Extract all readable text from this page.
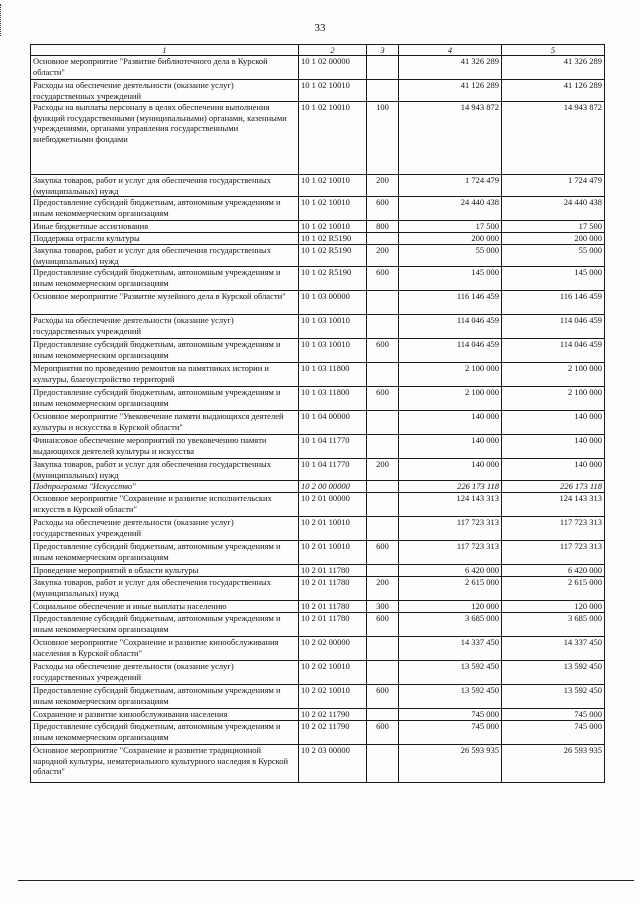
33
1	2	3	4	5
Основное мероприятие "Развитие библиотечного дела в Курской области"	10 1 02 00000		41 326 289	41 326 289
Расходы на обеспечение деятельности (оказание услуг) государственных учреждений	10 1 02 10010		41 126 289	41 126 289
Расходы на выплаты персоналу в целях обеспечения выполнения функций государственными (муниципальными) органами, казенными учреждениями, органами управления государственными внебюджетными фондами	10 1 02 10010	100	14 943 872	14 943 872
Закупка товаров, работ и услуг для обеспечения государственных (муниципальных) нужд	10 1 02 10010	200	1 724 479	1 724 479
Предоставление субсидий бюджетным, автономным учреждениям и иным некоммерческим организациям	10 1 02 10010	600	24 440 438	24 440 438
Иные бюджетные ассигнования	10 1 02 10010	800	17 500	17 500
Поддержка отрасли культуры	10 1 02 R5190		200 000	200 000
Закупка товаров, работ и услуг для обеспечения государственных (муниципальных) нужд	10 1 02 R5190	200	55 000	55 000
Предоставление субсидий бюджетным, автономным учреждениям и иным некоммерческим организациям	10 1 02 R5190	600	145 000	145 000
Основное мероприятие "Развитие музейного дела в Курской области"	10 1 03 00000		116 146 459	116 146 459
Расходы на обеспечение деятельности (оказание услуг) государственных учреждений	10 1 03 10010		114 046 459	114 046 459
Предоставление субсидий бюджетным, автономным учреждениям и иным некоммерческим организациям	10 1 03 10010	600	114 046 459	114 046 459
Мероприятия по проведению ремонтов на памятниках истории и культуры, благоустройство территорий	10 1 03 11800		2 100 000	2 100 000
Предоставление субсидий бюджетным, автономным учреждениям и иным некоммерческим организациям	10 1 03 11800	600	2 100 000	2 100 000
Основное мероприятие "Увековечение памяти выдающихся деятелей культуры и искусства в Курской области"	10 1 04 00000		140 000	140 000
Финансовое обеспечение мероприятий по увековечению памяти выдающихся деятелей культуры и искусства	10 1 04 11770		140 000	140 000
Закупка товаров, работ и услуг для обеспечения государственных (муниципальных) нужд	10 1 04 11770	200	140 000	140 000
Подпрограмма "Искусство"	10 2 00 00000		226 173 118	226 173 118
Основное мероприятие "Сохранение и развитие исполнительских искусств в Курской области"	10 2 01 00000		124 143 313	124 143 313
Расходы на обеспечение деятельности (оказание услуг) государственных учреждений	10 2 01 10010		117 723 313	117 723 313
Предоставление субсидий бюджетным, автономным учреждениям и иным некоммерческим организациям	10 2 01 10010	600	117 723 313	117 723 313
Проведение мероприятий в области культуры	10 2 01 11780		6 420 000	6 420 000
Закупка товаров, работ и услуг для обеспечения государственных (муниципальных) нужд	10 2 01 11780	200	2 615 000	2 615 000
Социальное обеспечение и иные выплаты населению	10 2 01 11780	300	120 000	120 000
Предоставление субсидий бюджетным, автономным учреждениям и иным некоммерческим организациям	10 2 01 11780	600	3 685 000	3 685 000
Основное мероприятие "Сохранение и развитие кинообслуживания населения в Курской области"	10 2 02 00000		14 337 450	14 337 450
Расходы на обеспечение деятельности (оказание услуг) государственных учреждений	10 2 02 10010		13 592 450	13 592 450
Предоставление субсидий бюджетным, автономным учреждениям и иным некоммерческим организациям	10 2 02 10010	600	13 592 450	13 592 450
Сохранение и развитие кинообслуживания населения	10 2 02 11790		745 000	745 000
Предоставление субсидий бюджетным, автономным учреждениям и иным некоммерческим организациям	10 2 02 11790	600	745 000	745 000
Основное мероприятие "Сохранение и развитие традиционной народной культуры, нематериального культурного наследия в Курской области"	10 2 03 00000		26 593 935	26 593 935
